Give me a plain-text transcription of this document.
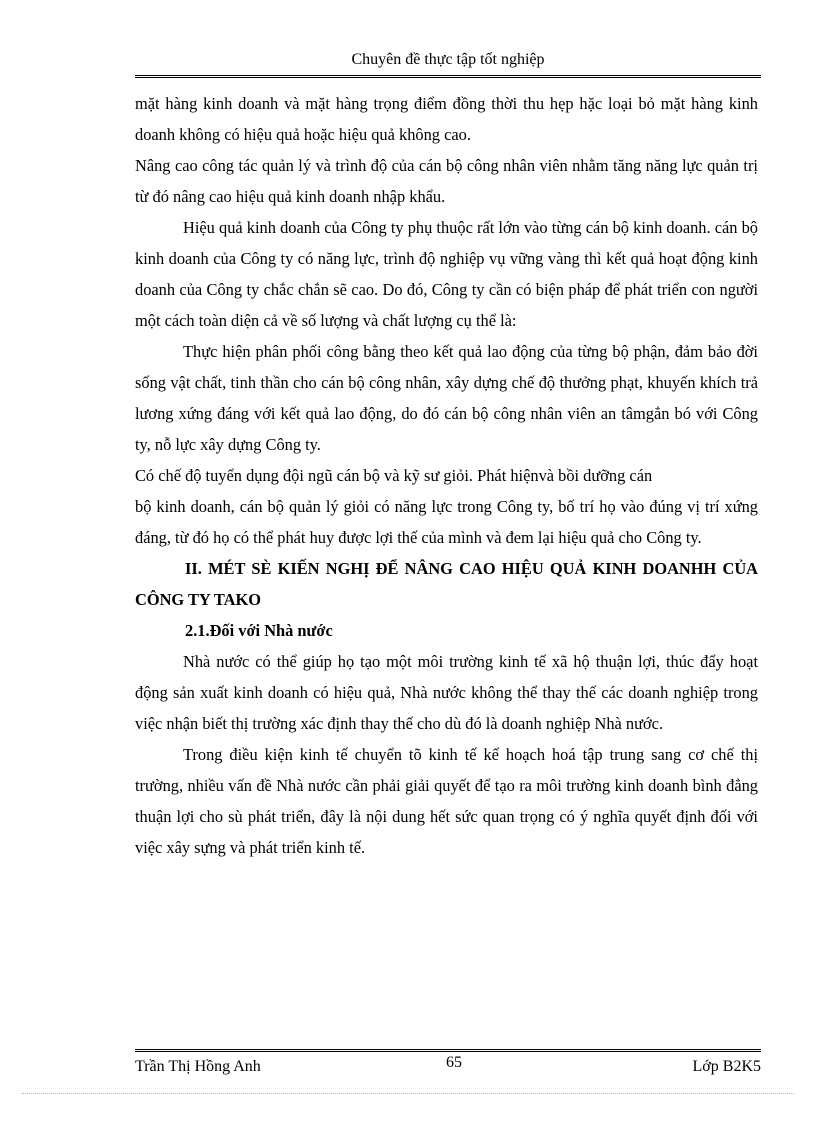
Chuyên đề thực tập tốt nghiệp

mặt hàng kinh doanh và mặt hàng trọng điểm đồng thời thu hẹp hặc loại bỏ mặt hàng kinh doanh không có hiệu quả hoặc hiệu quả không cao.

Nâng cao công tác quản lý và trình độ của cán bộ công nhân viên nhằm tăng năng lực quản trị từ đó nâng cao hiệu quả kinh doanh nhập khẩu.

Hiệu quả kinh doanh của Công ty phụ thuộc rất lớn vào từng cán bộ kinh doanh. cán bộ kinh doanh của Công ty có năng lực, trình độ nghiệp vụ vững vàng thì kết quả hoạt động kinh doanh của Công ty chắc chắn sẽ cao. Do đó, Công ty cần có biện pháp để phát triển con người một cách toàn diện cả về số lượng và chất lượng cụ thể là:

Thực hiện phân phối công bằng theo kết quả lao động của từng bộ phận, đảm bảo đời sống vật chất, tinh thần cho cán bộ công nhân, xây dựng chế độ thưởng phạt, khuyến khích trả lương xứng đáng với kết quả lao động, do đó cán bộ công nhân viên an tâmgắn bó với Công ty, nỗ lực xây dựng Công ty.

Có chế độ tuyển dụng đội ngũ cán bộ và kỹ sư giỏi. Phát hiệnvà bồi dưỡng cán

bộ kinh doanh, cán bộ quản lý giỏi có năng lực trong Công ty, bố trí họ vào đúng vị trí xứng đáng, từ đó họ có thể phát huy được lợi thế của mình và đem lại hiệu quả cho Công ty.

II. MÉT SÈ KIẾN NGHỊ ĐỂ NÂNG CAO HIỆU QUẢ KINH DOANHH CỦA CÔNG TY TAKO

2.1.Đối với Nhà nước

Nhà nước có thể giúp họ tạo một môi trường kinh tế xã hộ thuận lợi, thúc đẩy hoạt động sản xuất kinh doanh có hiệu quả, Nhà nước không thể thay thế các doanh nghiệp trong việc nhận biết thị trường xác định thay thế cho dù đó là doanh nghiệp Nhà nước.

Trong điều kiện kinh tế chuyển tõ kinh tế kế hoạch hoá tập trung sang cơ chế thị trường, nhiều vấn đề Nhà nước cần phải giải quyết để tạo ra môi trường kinh doanh bình đẳng thuận lợi cho sù phát triển, đây là nội dung hết sức quan trọng có ý nghĩa quyết định đối với việc xây sựng và phát triển kinh tế.

Trần Thị Hồng Anh	65	Lớp B2K5
